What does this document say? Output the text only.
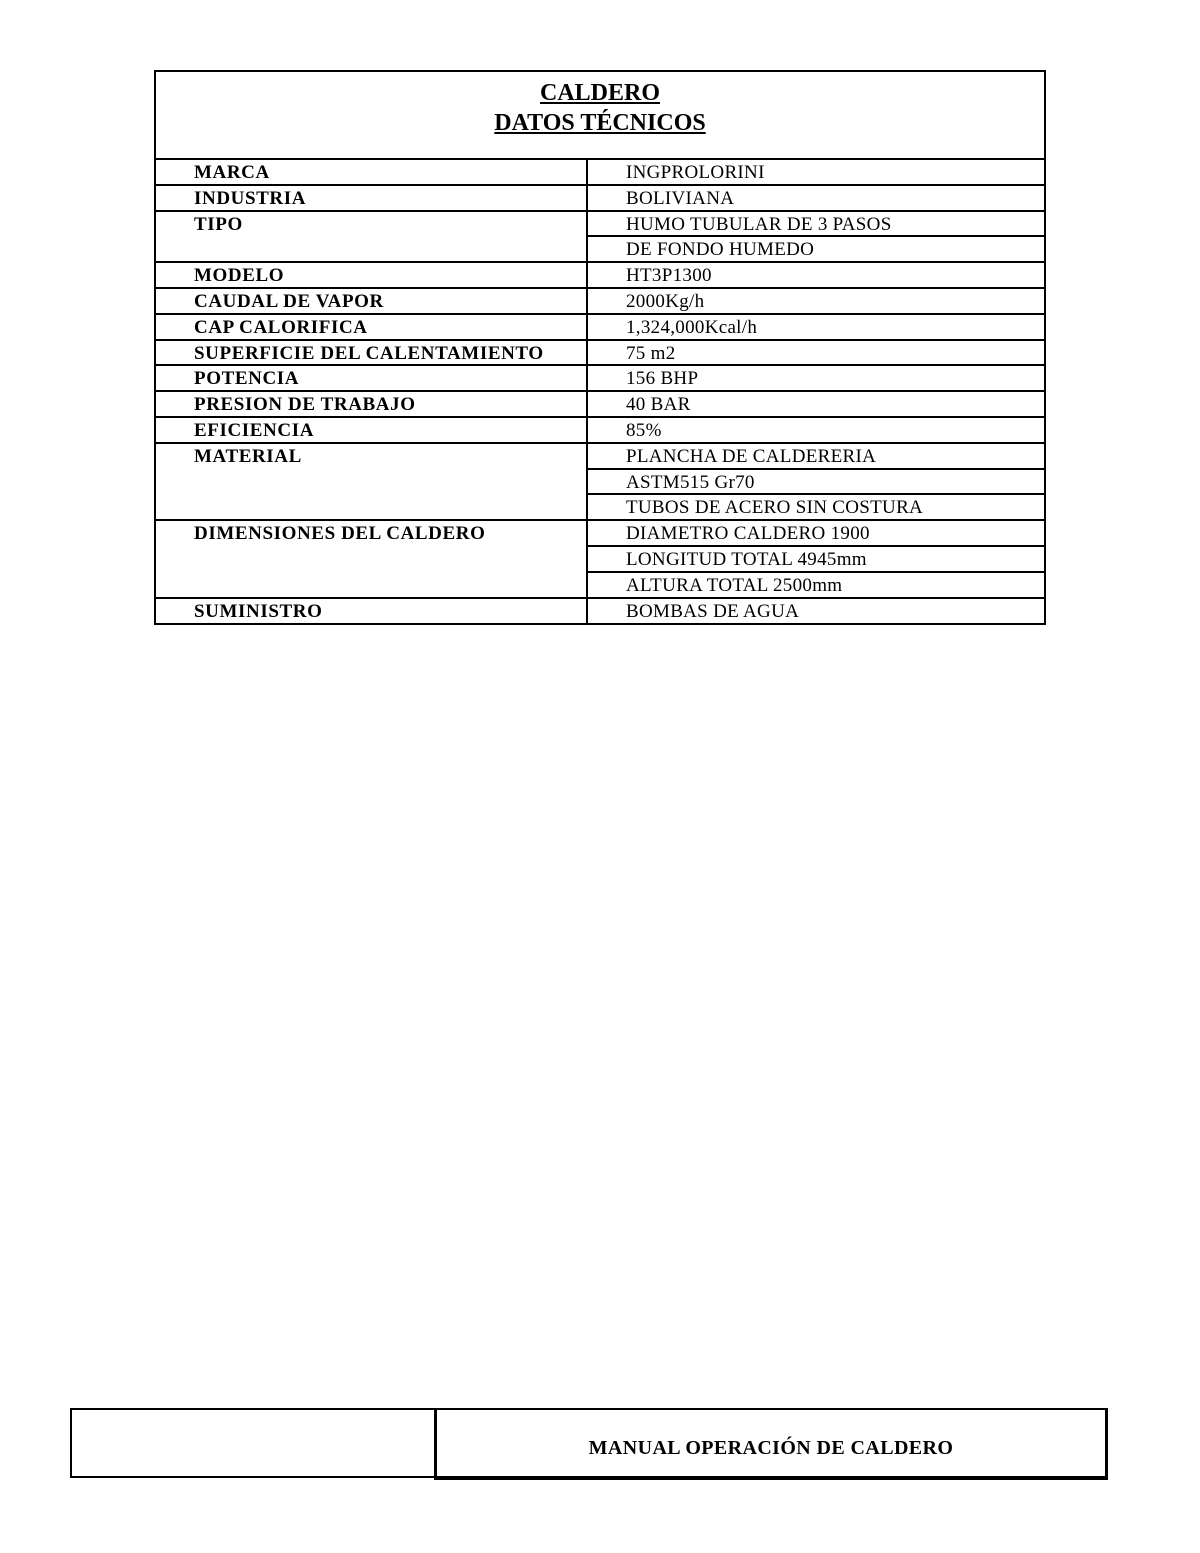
CALDERO
DATOS TÉCNICOS
MARCA	INGPROLORINI
INDUSTRIA	BOLIVIANA
TIPO	HUMO TUBULAR DE 3 PASOS
DE FONDO HUMEDO
MODELO	HT3P1300
CAUDAL DE VAPOR	2000Kg/h
CAP CALORIFICA	1,324,000Kcal/h
SUPERFICIE DEL CALENTAMIENTO	75 m2
POTENCIA	156 BHP
PRESION DE TRABAJO	40 BAR
EFICIENCIA	85%
MATERIAL	PLANCHA DE CALDERERIA
ASTM515 Gr70
TUBOS DE ACERO SIN COSTURA
DIMENSIONES DEL CALDERO	DIAMETRO CALDERO 1900
LONGITUD TOTAL 4945mm
ALTURA TOTAL 2500mm
SUMINISTRO	BOMBAS DE AGUA
MANUAL OPERACIÓN DE CALDERO
